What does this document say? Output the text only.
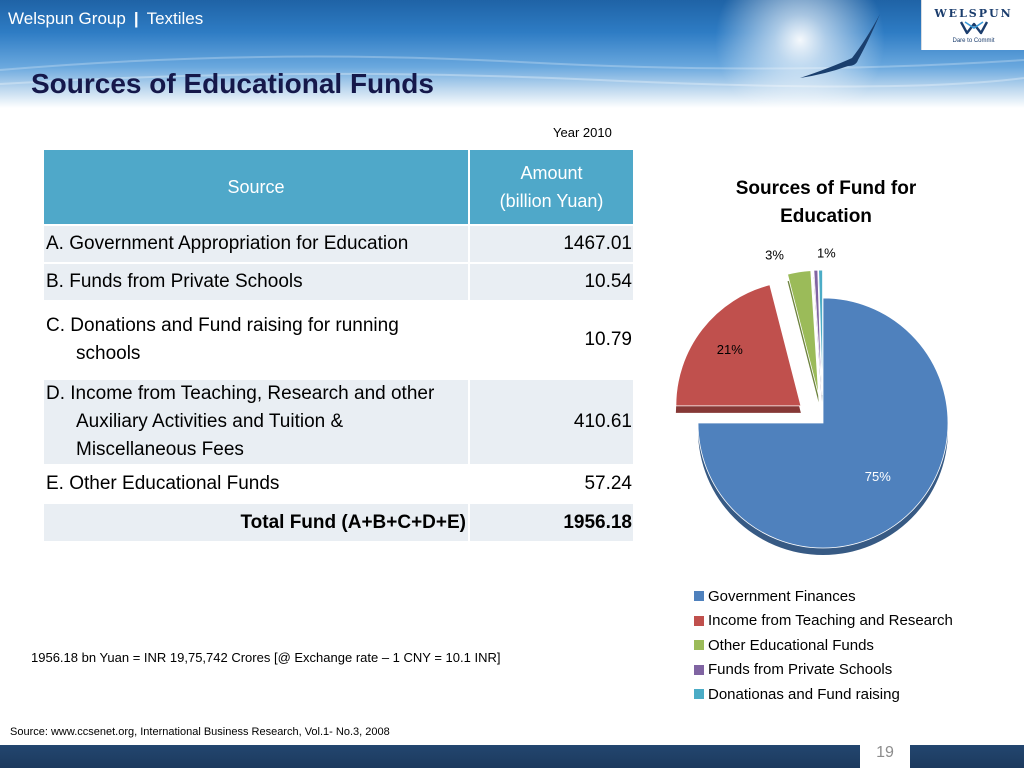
Welspun Group | Textiles
Sources of Educational Funds
WELSPUN
Dare to Commit
Year 2010
Source	Amount
(billion Yuan)
A. Government Appropriation for Education	1467.01
B. Funds from Private Schools	10.54

C. Donations and Fund raising for running schools	10.79

D. Income from Teaching, Research and other Auxiliary Activities and Tuition & Miscellaneous Fees	410.61
E. Other Educational Funds	57.24
Total Fund (A+B+C+D+E)	1956.18
1956.18 bn Yuan = INR 19,75,742 Crores [@ Exchange rate – 1 CNY = 10.1 INR]
Sources of Fund for Education
75%
21%
3%	1%
Government Finances
Income from Teaching and Research
Other Educational Funds
Funds from Private Schools
Donationas and Fund raising
Source: www.ccsenet.org, International Business Research, Vol.1- No.3, 2008
19
